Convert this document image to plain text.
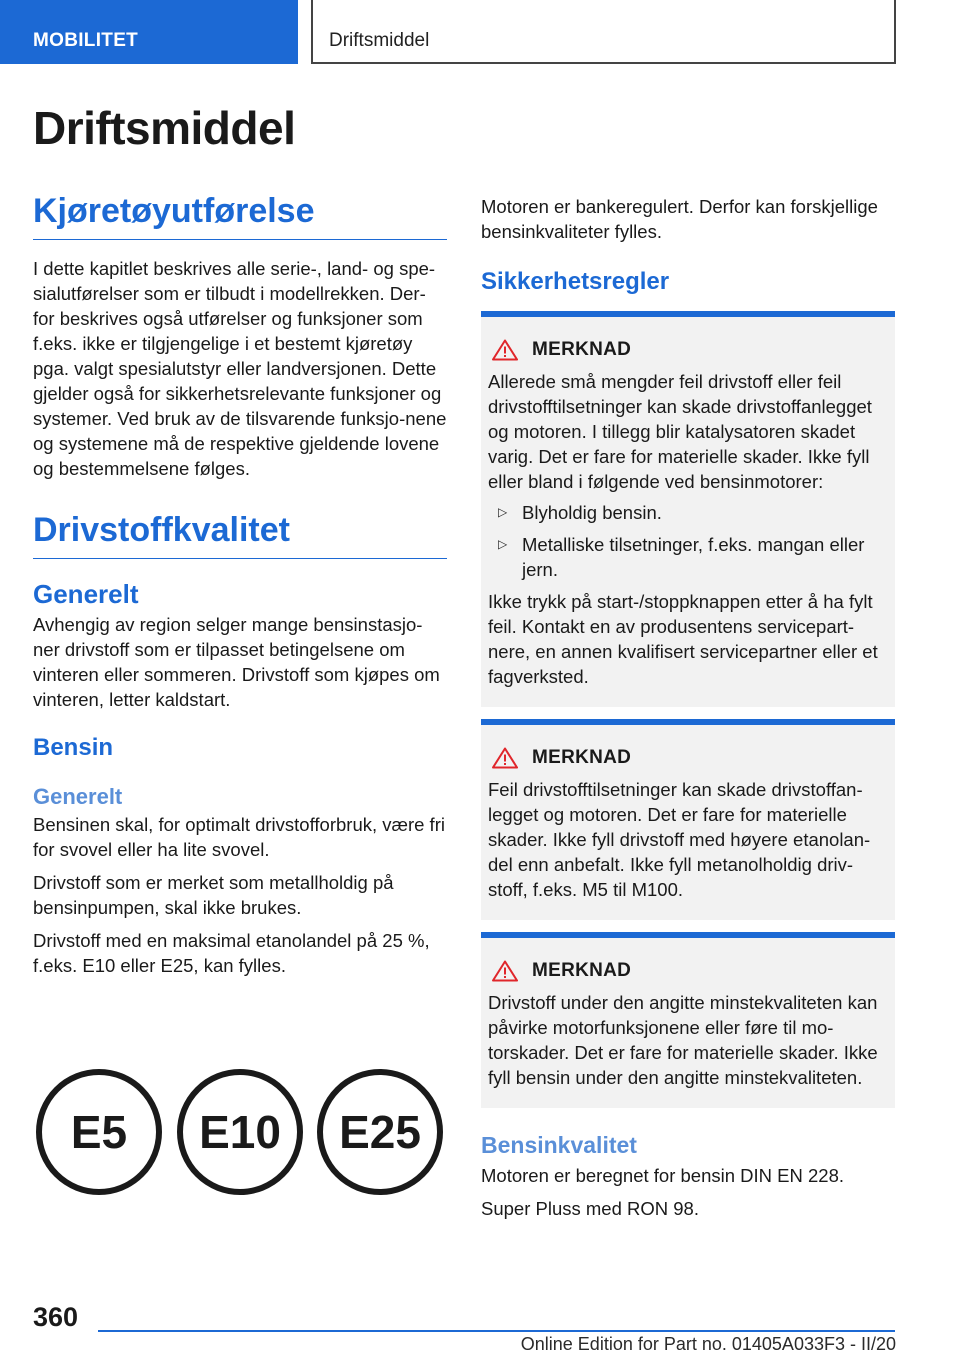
MOBILITET	Driftsmiddel
Driftsmiddel
Kjøretøyutførelse

I dette kapitlet beskrives alle serie-, land- og spe-sialutførelser som er tilbudt i modellrekken. Der-for beskrives også utførelser og funksjoner som f.eks. ikke er tilgjengelige i et bestemt kjøretøy pga. valgt spesialutstyr eller landversjonen. Dette gjelder også for sikkerhetsrelevante funksjoner og systemer. Ved bruk av de tilsvarende funksjo-nene og systemene må de respektive gjeldende lovene og bestemmelsene følges.

Drivstoffkvalitet
Generelt

Avhengig av region selger mange bensinstasjo-ner drivstoff som er tilpasset betingelsene om vinteren eller sommeren. Drivstoff som kjøpes om vinteren, letter kaldstart.

Bensin
Generelt

Bensinen skal, for optimalt drivstofforbruk, være fri for svovel eller ha lite svovel.

Drivstoff som er merket som metallholdig på bensinpumpen, skal ikke brukes.

Drivstoff med en maksimal etanolandel på 25 %, f.eks. E10 eller E25, kan fylles.

E5 E10 E25

Motoren er bankeregulert. Derfor kan forskjellige bensinkvaliteter fylles.

Sikkerhetsregler
MERKNAD

Allerede små mengder feil drivstoff eller feil drivstofftilsetninger kan skade drivstoffanlegget og motoren. I tillegg blir katalysatoren skadet varig. Det er fare for materielle skader. Ikke fyll eller bland i følgende ved bensinmotorer:

▷ Blyholdig bensin.
▷ Metalliske tilsetninger, f.eks. mangan eller jern.

Ikke trykk på start-/stoppknappen etter å ha fylt feil. Kontakt en av produsentens servicepart-nere, en annen kvalifisert servicepartner eller et fagverksted.

MERKNAD

Feil drivstofftilsetninger kan skade drivstoffan-legget og motoren. Det er fare for materielle skader. Ikke fyll drivstoff med høyere etanolan-del enn anbefalt. Ikke fyll metanolholdig driv-stoff, f.eks. M5 til M100.

MERKNAD

Drivstoff under den angitte minstekvaliteten kan påvirke motorfunksjonene eller føre til mo-torskader. Det er fare for materielle skader. Ikke fyll bensin under den angitte minstekvaliteten.

Bensinkvalitet

Motoren er beregnet for bensin DIN EN 228.

Super Pluss med RON 98.

360
Online Edition for Part no. 01405A033F3 - II/20
